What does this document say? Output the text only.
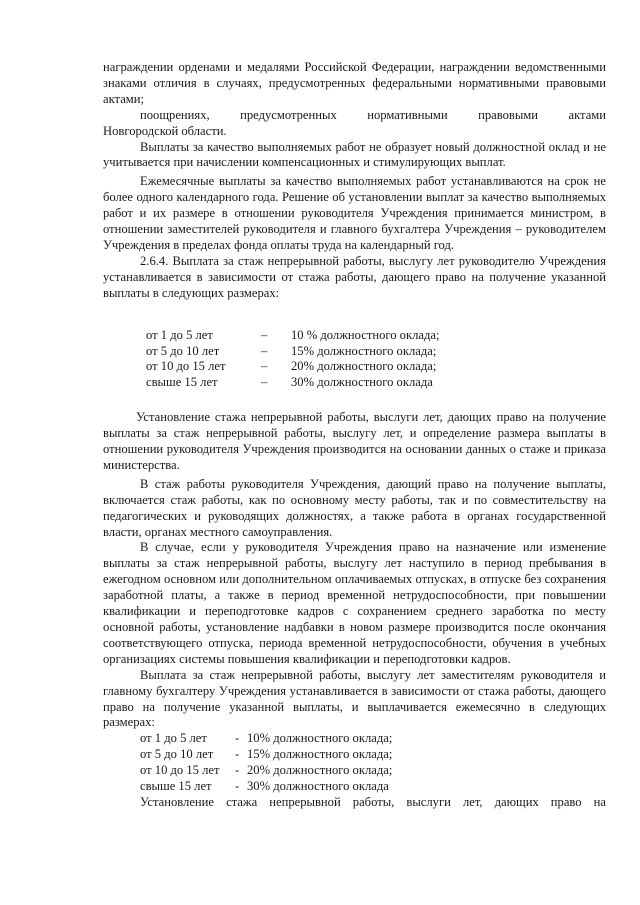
награждении орденами и медалями Российской Федерации, награждении ведомственными знаками отличия в случаях, предусмотренных федеральными нормативными правовыми актами;

поощрениях, предусмотренных нормативными правовыми актами

Новгородской области.

Выплаты за качество выполняемых работ не образует новый должностной оклад и не учитывается при начислении компенсационных и стимулирующих выплат.

Ежемесячные выплаты за качество выполняемых работ устанавливаются на срок не более одного календарного года. Решение об установлении выплат за качество выполняемых работ и их размере в отношении руководителя Учреждения принимается министром, в отношении заместителей руководителя и главного бухгалтера Учреждения – руководителем Учреждения в пределах фонда оплаты труда на календарный год.

2.6.4. Выплата за стаж непрерывной работы, выслугу лет руководителю Учреждения устанавливается в зависимости от стажа работы, дающего право на получение указанной выплаты в следующих размерах:

от 1 до 5 лет	–	10 % должностного оклада;
от 5 до 10 лет	–	15% должностного оклада;
от 10 до 15 лет	–	20% должностного оклада;
свыше 15 лет	–	30% должностного оклада

Установление стажа непрерывной работы, выслуги лет, дающих право на получение выплаты за стаж непрерывной работы, выслугу лет, и определение размера выплаты в отношении руководителя Учреждения производится на основании данных о стаже и приказа министерства.

В стаж работы руководителя Учреждения, дающий право на получение выплаты, включается стаж работы, как по основному месту работы, так и по совместительству на педагогических и руководящих должностях, а также работа в органах государственной власти, органах местного самоуправления.

В случае, если у руководителя Учреждения право на назначение или изменение выплаты за стаж непрерывной работы, выслугу лет наступило в период пребывания в ежегодном основном или дополнительном оплачиваемых отпусках, в отпуске без сохранения заработной платы, а также в период временной нетрудоспособности, при повышении квалификации и переподготовке кадров с сохранением среднего заработка по месту основной работы, установление надбавки в новом размере производится после окончания соответствующего отпуска, периода временной нетрудоспособности, обучения в учебных организациях системы повышения квалификации и переподготовки кадров.

Выплата за стаж непрерывной работы, выслугу лет заместителям руководителя и главному бухгалтеру Учреждения устанавливается в зависимости от стажа работы, дающего право на получение указанной выплаты, и выплачивается ежемесячно в следующих размерах:

от 1 до 5 лет	-	10% должностного оклада;
от 5 до 10 лет	-	15% должностного оклада;
от 10 до 15 лет	-	20% должностного оклада;
свыше 15 лет	-	30% должностного оклада

Установление стажа непрерывной работы, выслуги лет, дающих право на
